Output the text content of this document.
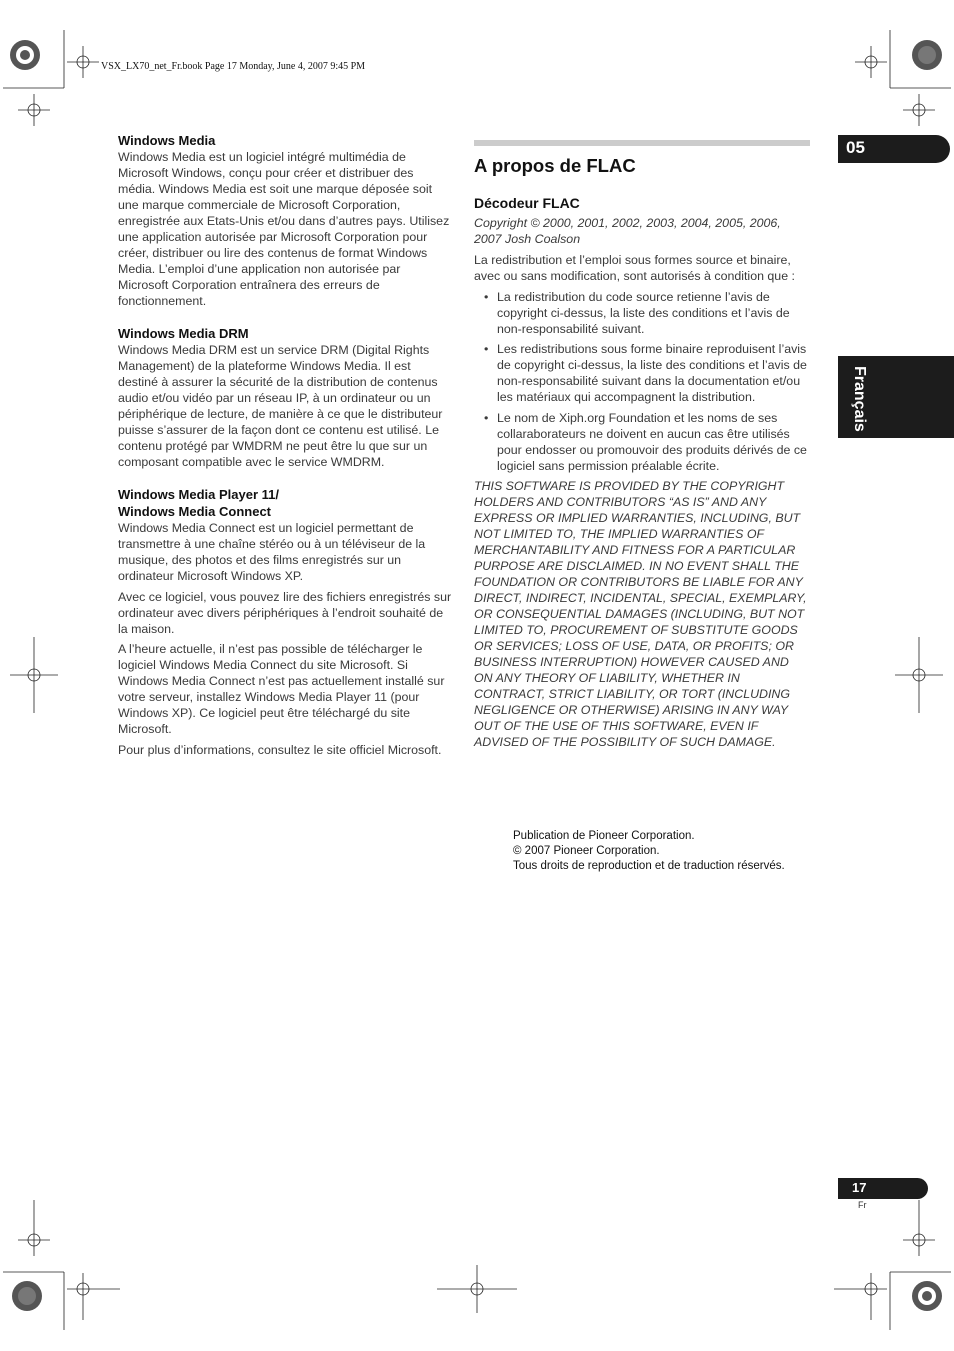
VSX_LX70_net_Fr.book Page 17 Monday, June 4, 2007 9:45 PM
05
Français

Windows Media

Windows Media est un logiciel intégré multimédia de Microsoft Windows, conçu pour créer et distribuer des média. Windows Media est soit une marque déposée soit une marque commerciale de Microsoft Corporation, enregistrée aux Etats-Unis et/ou dans d’autres pays. Utilisez une application autorisée par Microsoft Corporation pour créer, distribuer ou lire des contenus de format Windows Media. L’emploi d’une application non autorisée par Microsoft Corporation entraînera des erreurs de fonctionnement.

Windows Media DRM

Windows Media DRM est un service DRM (Digital Rights Management) de la plateforme Windows Media. Il est destiné à assurer la sécurité de la distribution de contenus audio et/ou vidéo par un réseau IP, à un ordinateur ou un périphérique de lecture, de manière à ce que le distributeur puisse s’assurer de la façon dont ce contenu est utilisé. Le contenu protégé par WMDRM ne peut être lu que sur un composant compatible avec le service WMDRM.

Windows Media Player 11/

Windows Media Connect

Windows Media Connect est un logiciel permettant de transmettre à une chaîne stéréo ou à un téléviseur de la musique, des photos et des films enregistrés sur un ordinateur Microsoft Windows XP.

Avec ce logiciel, vous pouvez lire des fichiers enregistrés sur ordinateur avec divers périphériques à l’endroit souhaité de la maison.

A l’heure actuelle, il n’est pas possible de télécharger le logiciel Windows Media Connect du site Microsoft. Si Windows Media Connect n’est pas actuellement installé sur votre serveur, installez Windows Media Player 11 (pour Windows XP). Ce logiciel peut être téléchargé du site Microsoft.

Pour plus d’informations, consultez le site officiel Microsoft.

A propos de FLAC

Décodeur FLAC

Copyright © 2000, 2001, 2002, 2003, 2004, 2005, 2006, 2007 Josh Coalson

La redistribution et l’emploi sous formes source et binaire, avec ou sans modification, sont autorisés à condition que :

• La redistribution du code source retienne l’avis de copyright ci-dessus, la liste des conditions et l’avis de non-responsabilité suivant.
• Les redistributions sous forme binaire reproduisent l’avis de copyright ci-dessus, la liste des conditions et l’avis de non-responsabilité suivant dans la documentation et/ou les matériaux qui accompagnent la distribution.
• Le nom de Xiph.org Foundation et les noms de ses collaraborateurs ne doivent en aucun cas être utilisés pour endosser ou promouvoir des produits dérivés de ce logiciel sans permission préalable écrite.

THIS SOFTWARE IS PROVIDED BY THE COPYRIGHT HOLDERS AND CONTRIBUTORS “AS IS” AND ANY EXPRESS OR IMPLIED WARRANTIES, INCLUDING, BUT NOT LIMITED TO, THE IMPLIED WARRANTIES OF MERCHANTABILITY AND FITNESS FOR A PARTICULAR PURPOSE ARE DISCLAIMED. IN NO EVENT SHALL THE FOUNDATION OR CONTRIBUTORS BE LIABLE FOR ANY DIRECT, INDIRECT, INCIDENTAL, SPECIAL, EXEMPLARY, OR CONSEQUENTIAL DAMAGES (INCLUDING, BUT NOT LIMITED TO, PROCUREMENT OF SUBSTITUTE GOODS OR SERVICES; LOSS OF USE, DATA, OR PROFITS; OR BUSINESS INTERRUPTION) HOWEVER CAUSED AND ON ANY THEORY OF LIABILITY, WHETHER IN CONTRACT, STRICT LIABILITY, OR TORT (INCLUDING NEGLIGENCE OR OTHERWISE) ARISING IN ANY WAY OUT OF THE USE OF THIS SOFTWARE, EVEN IF ADVISED OF THE POSSIBILITY OF SUCH DAMAGE.

Publication de Pioneer Corporation.
© 2007 Pioneer Corporation.
Tous droits de reproduction et de traduction réservés.
17
Fr
